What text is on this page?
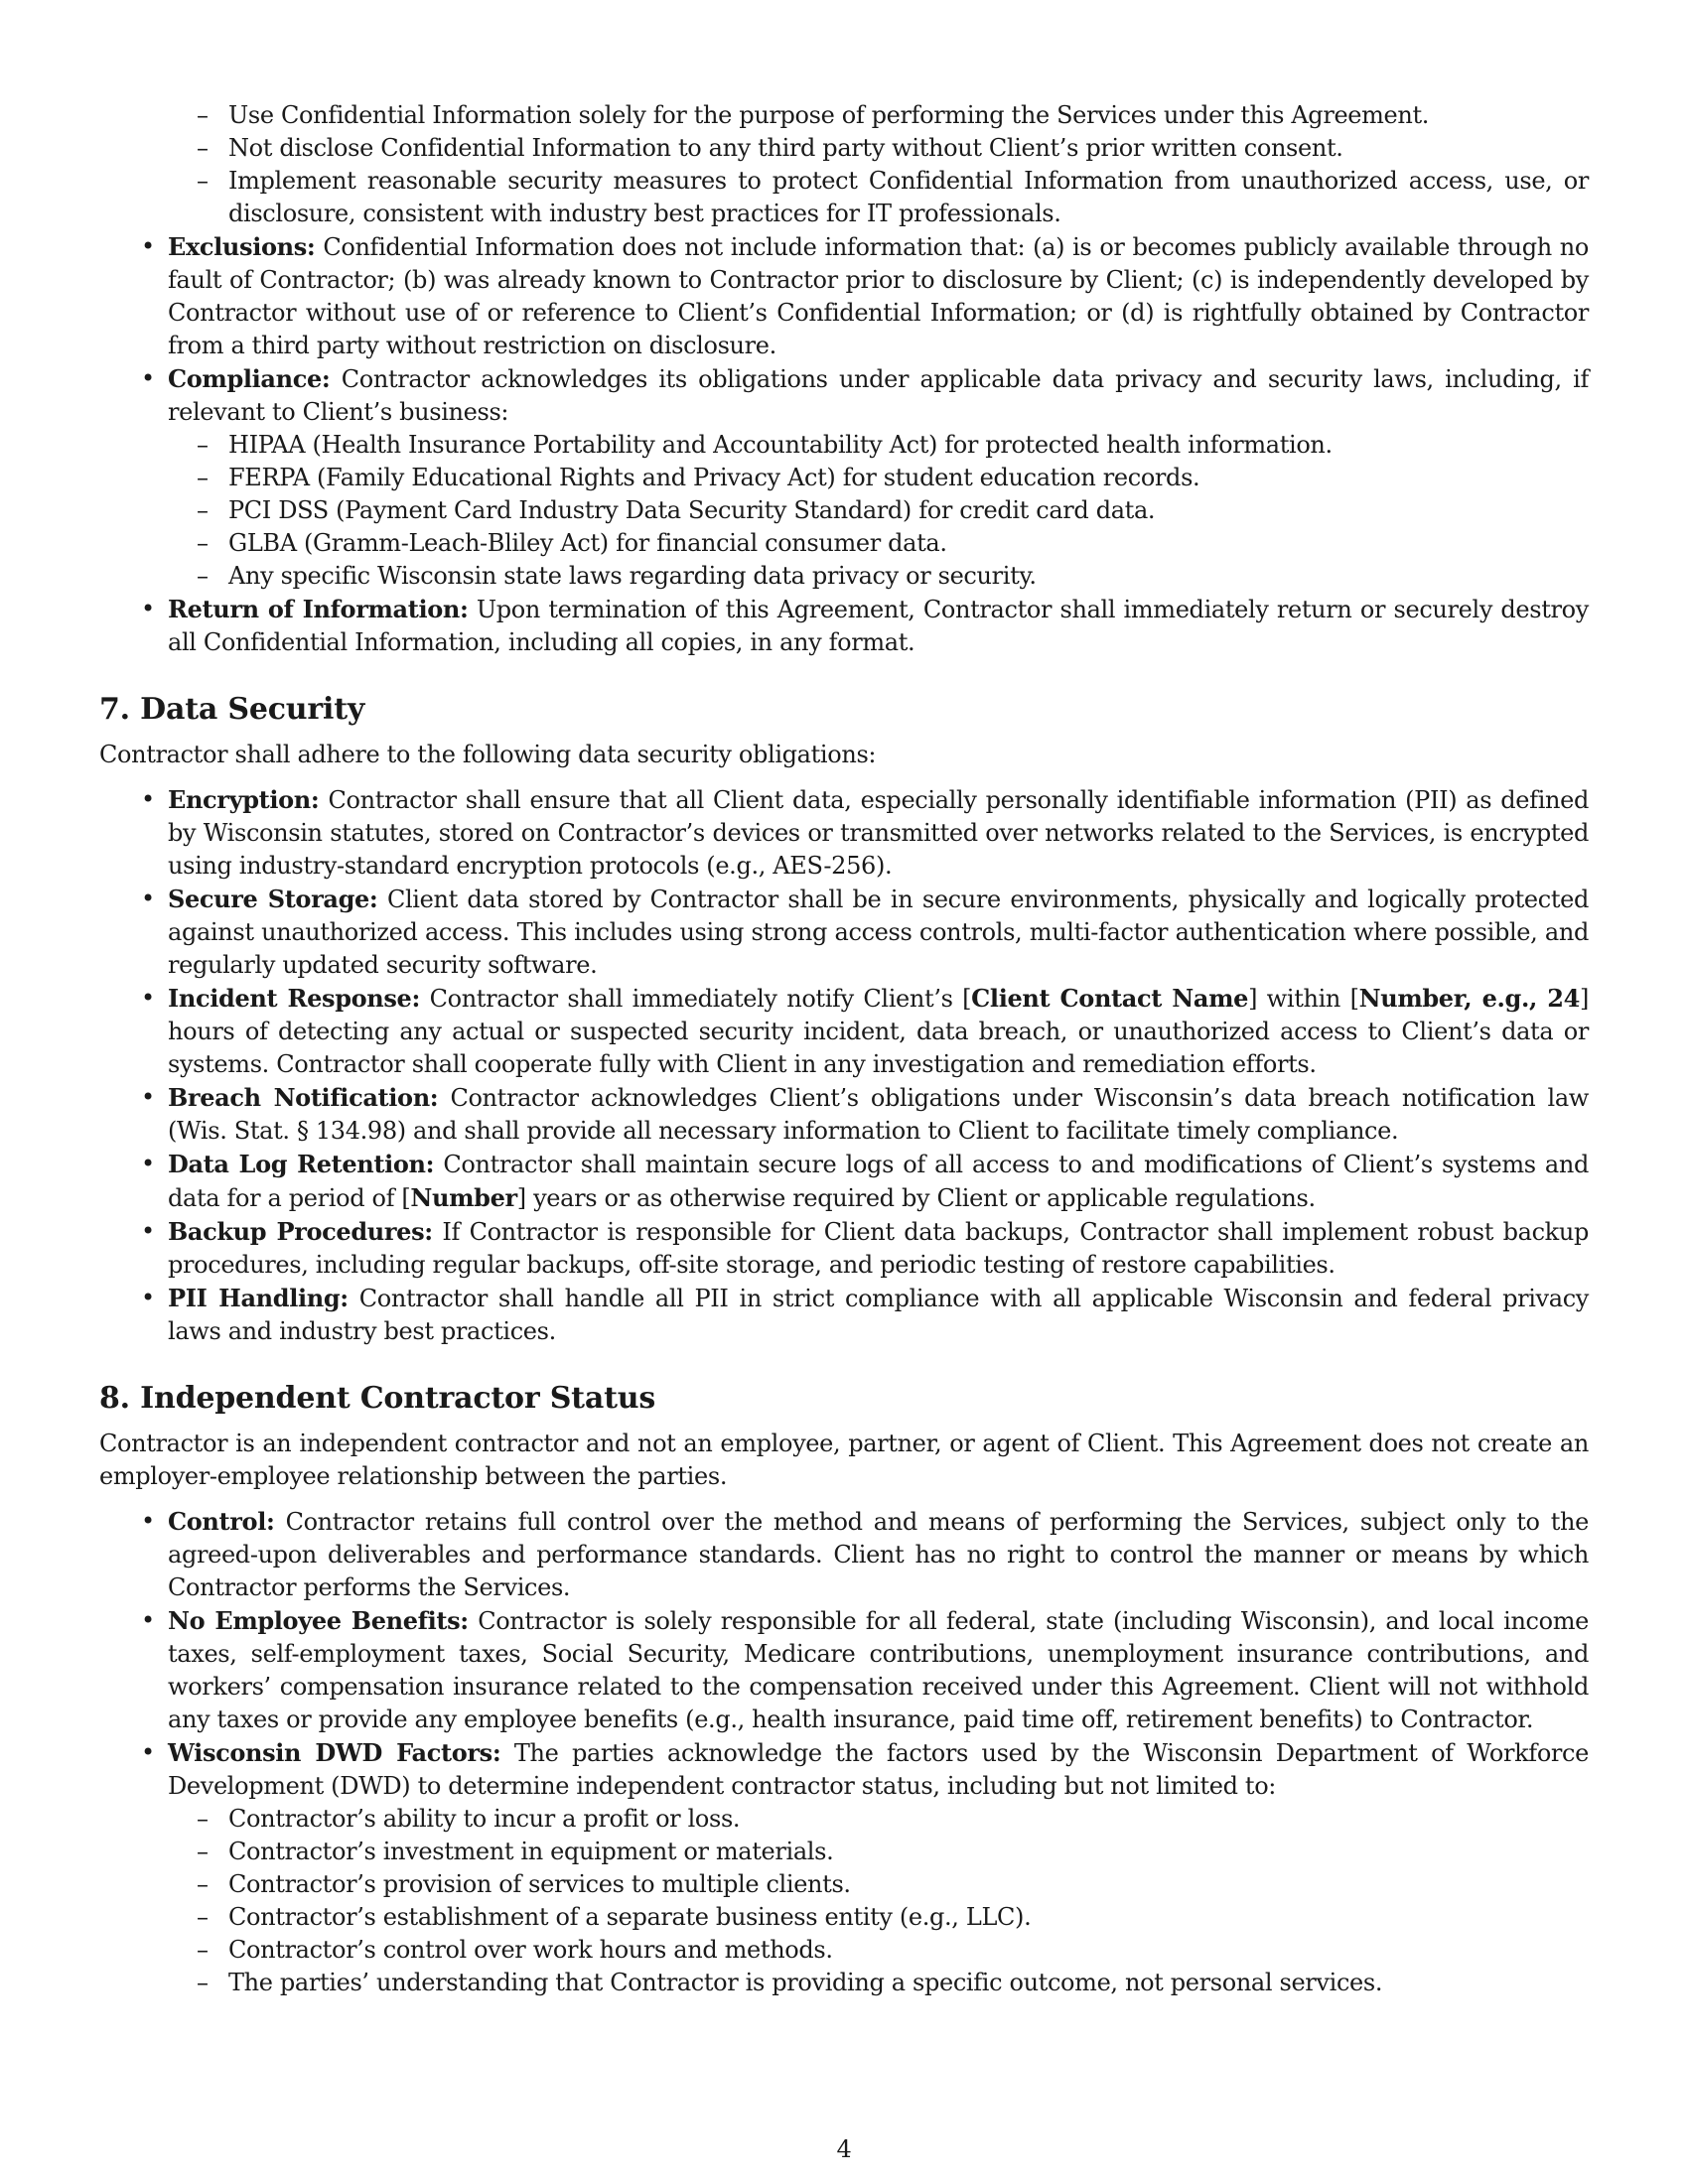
– Use Confidential Information solely for the purpose of performing the Services under this Agreement.
– Not disclose Confidential Information to any third party without Client’s prior written consent.
– Implement reasonable security measures to protect Confidential Information from unauthorized access, use, or disclosure, consistent with industry best practices for IT professionals.
• Exclusions: Confidential Information does not include information that: (a) is or becomes publicly available through no fault of Contractor; (b) was already known to Contractor prior to disclosure by Client; (c) is independently developed by Contractor without use of or reference to Client’s Confidential Information; or (d) is rightfully obtained by Contractor from a third party without restriction on disclosure.
• Compliance: Contractor acknowledges its obligations under applicable data privacy and security laws, including, if relevant to Client’s business:
– HIPAA (Health Insurance Portability and Accountability Act) for protected health information.
– FERPA (Family Educational Rights and Privacy Act) for student education records.
– PCI DSS (Payment Card Industry Data Security Standard) for credit card data.
– GLBA (Gramm-Leach-Bliley Act) for financial consumer data.
– Any specific Wisconsin state laws regarding data privacy or security.
• Return of Information: Upon termination of this Agreement, Contractor shall immediately return or securely destroy all Confidential Information, including all copies, in any format.
7. Data Security

Contractor shall adhere to the following data security obligations:

• Encryption: Contractor shall ensure that all Client data, especially personally identifiable information (PII) as defined by Wisconsin statutes, stored on Contractor’s devices or transmitted over networks related to the Services, is encrypted using industry-standard encryption protocols (e.g., AES-256).
• Secure Storage: Client data stored by Contractor shall be in secure environments, physically and logically protected against unauthorized access. This includes using strong access controls, multi-factor authentication where possible, and regularly updated security software.
• Incident Response: Contractor shall immediately notify Client’s [Client Contact Name] within [Number, e.g., 24] hours of detecting any actual or suspected security incident, data breach, or unauthorized access to Client’s data or systems. Contractor shall cooperate fully with Client in any investigation and remediation efforts.
• Breach Notification: Contractor acknowledges Client’s obligations under Wisconsin’s data breach notification law (Wis. Stat. § 134.98) and shall provide all necessary information to Client to facilitate timely compliance.
• Data Log Retention: Contractor shall maintain secure logs of all access to and modifications of Client’s systems and data for a period of [Number] years or as otherwise required by Client or applicable regulations.
• Backup Procedures: If Contractor is responsible for Client data backups, Contractor shall implement robust backup procedures, including regular backups, off-site storage, and periodic testing of restore capabilities.
• PII Handling: Contractor shall handle all PII in strict compliance with all applicable Wisconsin and federal privacy laws and industry best practices.
8. Independent Contractor Status

Contractor is an independent contractor and not an employee, partner, or agent of Client. This Agreement does not create an employer-employee relationship between the parties.

• Control: Contractor retains full control over the method and means of performing the Services, subject only to the agreed-upon deliverables and performance standards. Client has no right to control the manner or means by which Contractor performs the Services.
• No Employee Benefits: Contractor is solely responsible for all federal, state (including Wisconsin), and local income taxes, self-employment taxes, Social Security, Medicare contributions, unemployment insurance contributions, and workers’ compensation insurance related to the compensation received under this Agreement. Client will not withhold any taxes or provide any employee benefits (e.g., health insurance, paid time off, retirement benefits) to Contractor.
• Wisconsin DWD Factors: The parties acknowledge the factors used by the Wisconsin Department of Workforce Development (DWD) to determine independent contractor status, including but not limited to:
– Contractor’s ability to incur a profit or loss.
– Contractor’s investment in equipment or materials.
– Contractor’s provision of services to multiple clients.
– Contractor’s establishment of a separate business entity (e.g., LLC).
– Contractor’s control over work hours and methods.
– The parties’ understanding that Contractor is providing a specific outcome, not personal services.
4
